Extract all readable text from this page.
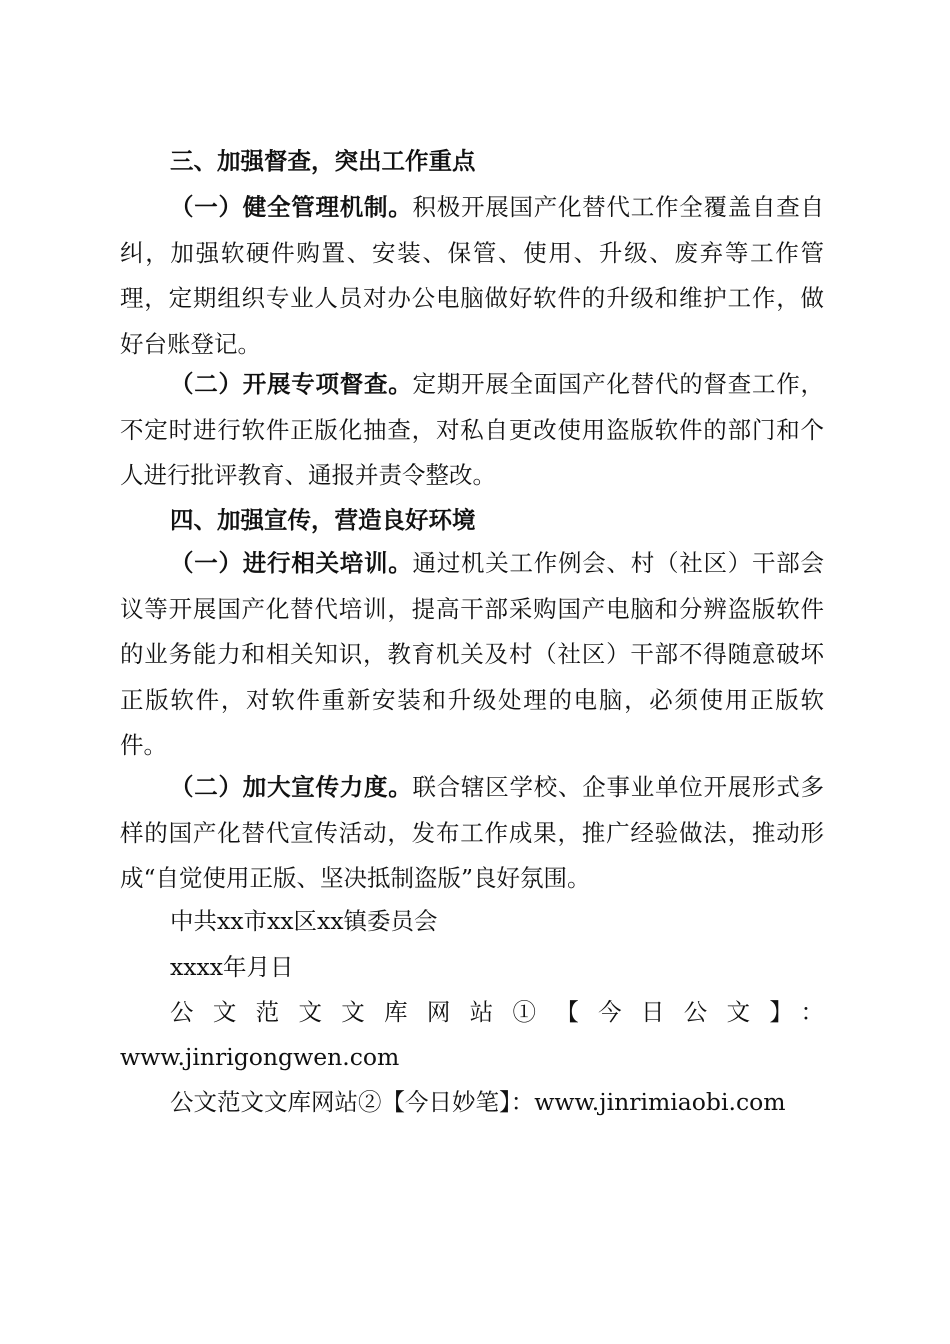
三、加强督查，突出工作重点

（一）健全管理机制。积极开展国产化替代工作全覆盖自查自纠，加强软硬件购置、安装、保管、使用、升级、废弃等工作管理，定期组织专业人员对办公电脑做好软件的升级和维护工作，做好台账登记。

（二）开展专项督查。定期开展全面国产化替代的督查工作，不定时进行软件正版化抽查，对私自更改使用盗版软件的部门和个人进行批评教育、通报并责令整改。

四、加强宣传，营造良好环境

（一）进行相关培训。通过机关工作例会、村（社区）干部会议等开展国产化替代培训，提高干部采购国产电脑和分辨盗版软件的业务能力和相关知识，教育机关及村（社区）干部不得随意破坏正版软件，对软件重新安装和升级处理的电脑，必须使用正版软件。

（二）加大宣传力度。联合辖区学校、企事业单位开展形式多样的国产化替代宣传活动，发布工作成果，推广经验做法，推动形成“自觉使用正版、坚决抵制盗版”良好氛围。

中共xx市xx区xx镇委员会

xxxx年月日

公文范文文库网站①【今日公文】：

www.jinrigongwen.com

公文范文文库网站②【今日妙笔】：www.jinrimiaobi.com
